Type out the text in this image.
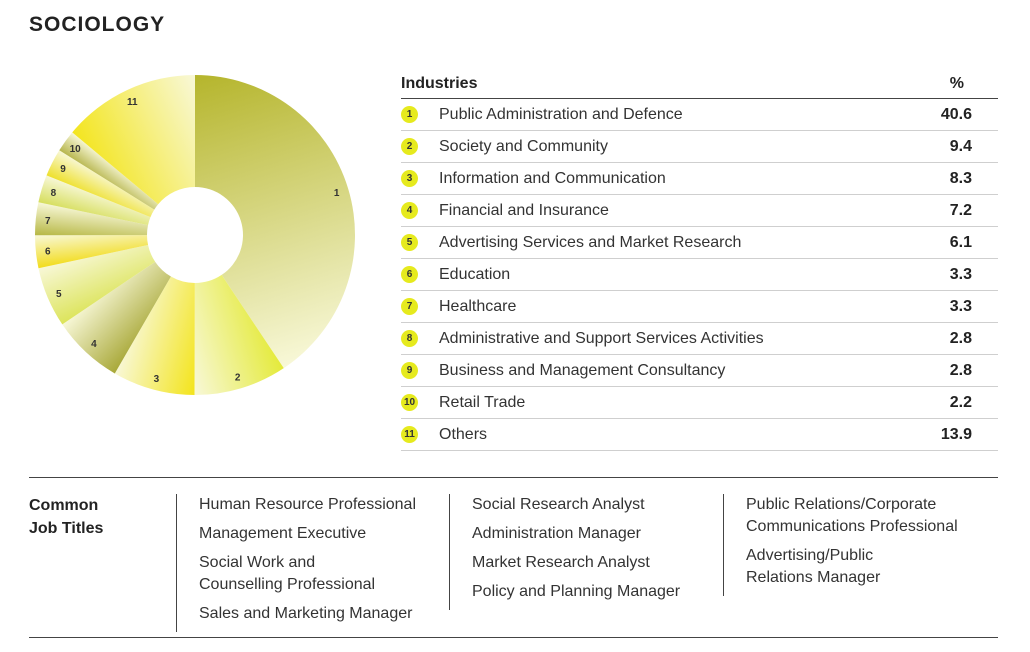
SOCIOLOGY
1
2
3
4
5
6
7
8
9
10
11
Industries	%
1	Public Administration and Defence	40.6
2	Society and Community	9.4
3	Information and Communication	8.3
4	Financial and Insurance	7.2
5	Advertising Services and Market Research	6.1
6	Education	3.3
7	Healthcare	3.3
8	Administrative and Support Services Activities	2.8
9	Business and Management Consultancy	2.8
10 Retail Trade	2.2
11 Others	13.9
Common
Job Titles
Human Resource Professional
Management Executive
Social Work and
Counselling Professional
Sales and Marketing Manager
Social Research Analyst
Administration Manager
Market Research Analyst
Policy and Planning Manager
Public Relations/Corporate
Communications Professional
Advertising/Public
Relations Manager
